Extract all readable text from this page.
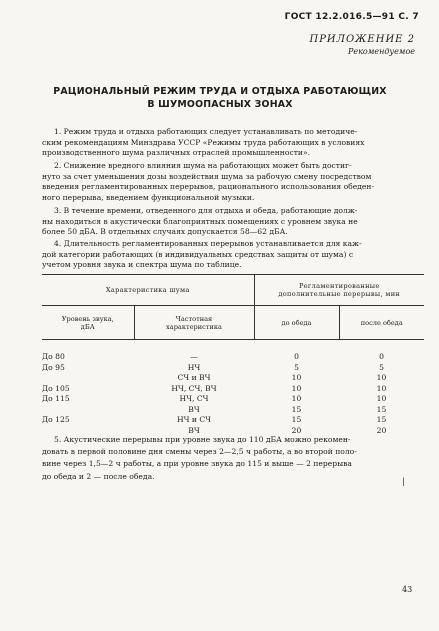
ГОСТ 12.2.016.5—91 С. 7
ПРИЛОЖЕНИЕ 2
Рекомендуемое
РАЦИОНАЛЬНЫЙ РЕЖИМ ТРУДА И ОТДЫХА РАБОТАЮЩИХ
В ШУМООПАСНЫХ ЗОНАХ
1. Режим труда и отдыха работающих следует устанавливать по методиче-
ским рекомендациям Минздрава УССР «Режимы труда работающих в условиях
производственного шума различных отраслей промышленности».
2. Снижение вредного влияния шума на работающих может быть достиг-
нуто за счет уменьшения дозы воздействия шума за рабочую смену посредством
введения регламентированных перерывов, рационального использования обеден-
ного перерыва, введением функциональной музыки.
3. В течение времени, отведенного для отдыха и обеда, работающие долж-
ны находиться в акустически благоприятных помещениях с уровнем звука не
более 50 дБА. В отдельных случаях допускается 58—62 дБА.
4. Длительность регламентированных перерывов устанавливается для каж-
дой категории работающих (в индивидуальных средствах защиты от шума) с
учетом уровня звука и спектра шума по таблице.
Характеристика шума		Регламентированные дополнительные перерывы, мин	
Уровень звука, дБА	Частотная характеристика	до обеда	после обеда
До 80	—	0	0
До 95	НЧ	5	5
	СЧ и ВЧ	10	10
До 105	НЧ, СЧ, ВЧ	10	10
До 115	НЧ, СЧ	10	10
	ВЧ	15	15
До 125	НЧ и СЧ	15	15
	ВЧ	20	20
5. Акустические перерывы при уровне звука до 110 дБА можно рекомен-
довать в первой половине дня смены через 2—2,5 ч работы, а во второй поло-
вине через 1,5—2 ч работы, а при уровне звука до 115 и выше — 2 перерыва
до обеда и 2 — после обеда.
|
43
